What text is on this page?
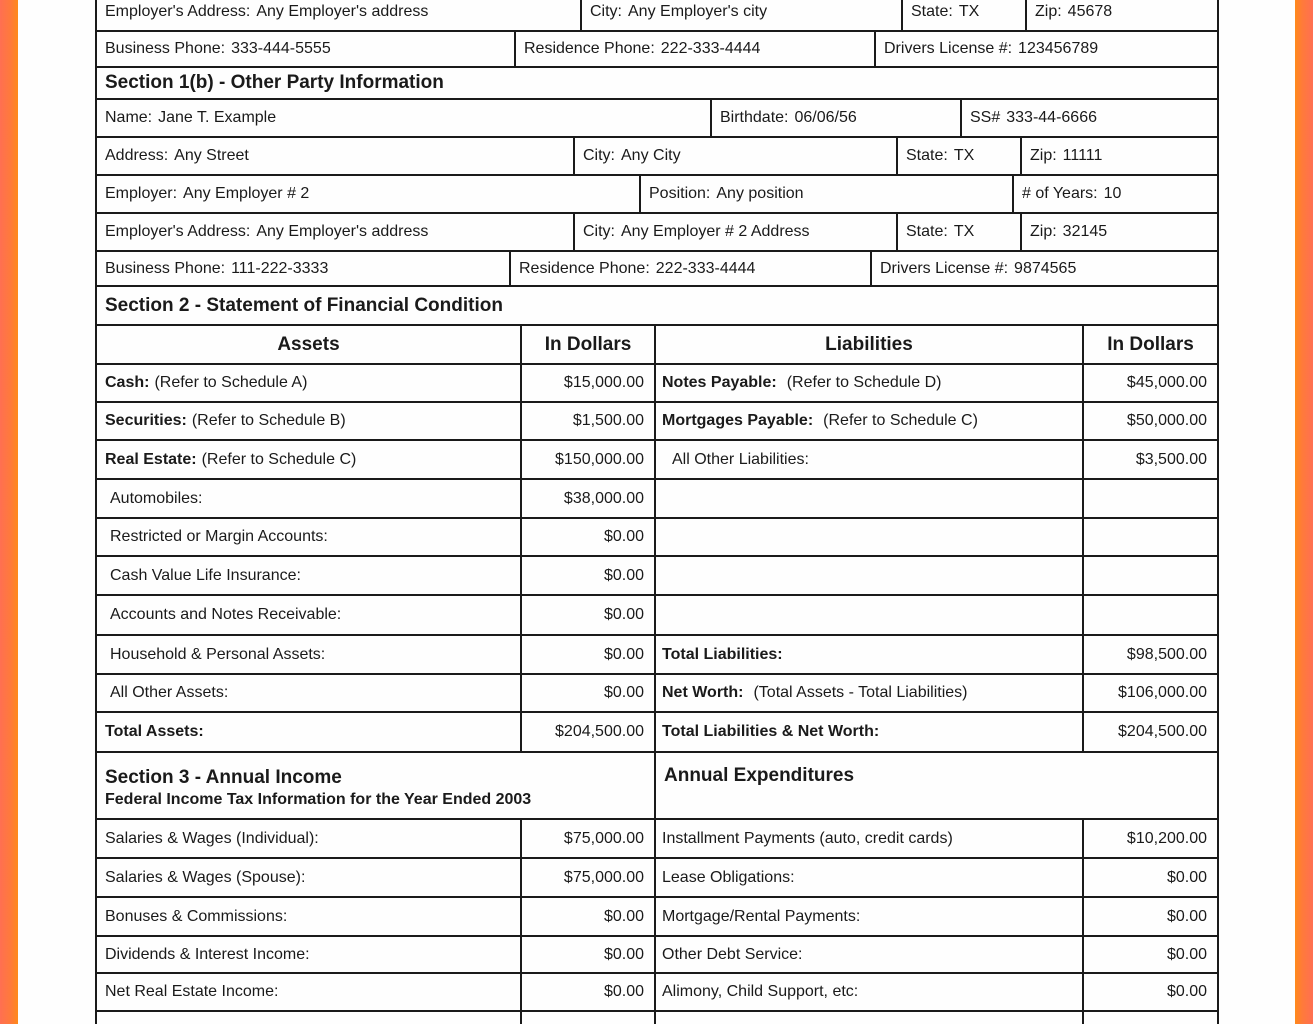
Employer's Address: Any Employer's address	City: Any Employer's city	State: TX	Zip: 45678
Business Phone: 333-444-5555	Residence Phone: 222-333-4444	Drivers License #: 123456789
Section 1(b) - Other Party Information
Name: Jane T. Example	Birthdate: 06/06/56	SS# 333-44-6666
Address: Any Street	City: Any City	State: TX	Zip: 11111
Employer: Any Employer # 2	Position: Any position	# of Years: 10
Employer's Address: Any Employer's address	City: Any Employer # 2 Address	State: TX	Zip: 32145
Business Phone: 111-222-3333	Residence Phone: 222-333-4444	Drivers License #: 9874565
Section 2 - Statement of Financial Condition
Assets	In Dollars	Liabilities	In Dollars
Cash: (Refer to Schedule A)	$15,000.00	Notes Payable: (Refer to Schedule D)	$45,000.00
Securities: (Refer to Schedule B)	$1,500.00	Mortgages Payable: (Refer to Schedule C)	$50,000.00
Real Estate: (Refer to Schedule C)	$150,000.00	All Other Liabilities:	$3,500.00
Automobiles:	$38,000.00
Restricted or Margin Accounts:	$0.00
Cash Value Life Insurance:	$0.00
Accounts and Notes Receivable:	$0.00
Household & Personal Assets:	$0.00	Total Liabilities:	$98,500.00
All Other Assets:	$0.00	Net Worth: (Total Assets - Total Liabilities)	$106,000.00
Total Assets:	$204,500.00	Total Liabilities & Net Worth:	$204,500.00
Section 3 - Annual Income
Federal Income Tax Information for the Year Ended 2003
Annual Expenditures
Salaries & Wages (Individual):	$75,000.00	Installment Payments (auto, credit cards)	$10,200.00
Salaries & Wages (Spouse):	$75,000.00	Lease Obligations:	$0.00
Bonuses & Commissions:	$0.00	Mortgage/Rental Payments:	$0.00
Dividends & Interest Income:	$0.00	Other Debt Service:	$0.00
Net Real Estate Income:	$0.00	Alimony, Child Support, etc:	$0.00
